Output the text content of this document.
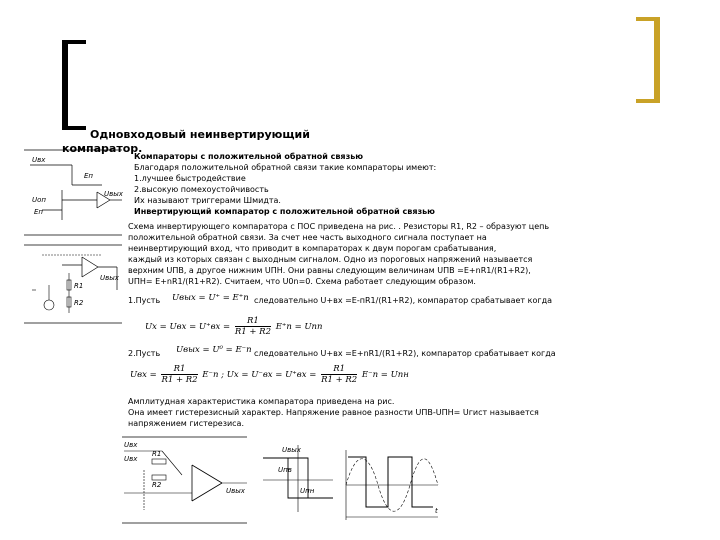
Одновходовый неинвертирующий компаратор.
Uвх
Eп
Uвых
Uоп
Eп
R1
R2
Uвых
Компараторы с положительной обратной связью
Благодаря положительной обратной связи такие компараторы имеют:
1.лучшее быстродействие
2.высокую помехоустойчивость
Их называют триггерами Шмидта.
Инвертирующий компаратор с положительной обратной связью
Схема инвертирующего компаратора с ПОС приведена на рис. . Резисторы R1, R2 – образуют цепь
положительной обратной связи. За счет нее часть выходного сигнала поступает на
неинвертирующий вход, что приводит в компараторах к двум порогам срабатывания,
каждый из которых связан с выходным сигналом. Одно из пороговых напряжений называется
верхним UПВ, а другое нижним UПН. Они равны следующим величинам UПВ =E+nR1/(R1+R2),
UПН= E+nR1/(R1+R2). Считаем, что U0n=0. Схема работает следующим образом.
1.Пусть Uвых = U⁺ = E⁺п следовательно U+вх =E-пR1/(R1+R2), компаратор срабатывает когда
Uх = Uвх = $U^+вх = \frac{R1}{R1 + R2} E^+п$ = Uпп
2.Пусть Uвых = U⁰ = E⁻п следовательно U+вх =E+nR1/(R1+R2), компаратор срабатывает когда
Uвх = $\frac{R1}{R1 + R2} E^-п$ ; Uх = $U^-вх = U^+вх = \frac{R1}{R1 + R2} E^-п$ = Uпн
Амплитудная характеристика компаратора приведена на рис.
Она имеет гистерезисный характер. Напряжение равное разности UПВ-UПН= Uгист называется
напряжением гистерезиса.
Uвх
Uвх
R1
R2
Uвых
Uпв
Uпн
Uвых
t
